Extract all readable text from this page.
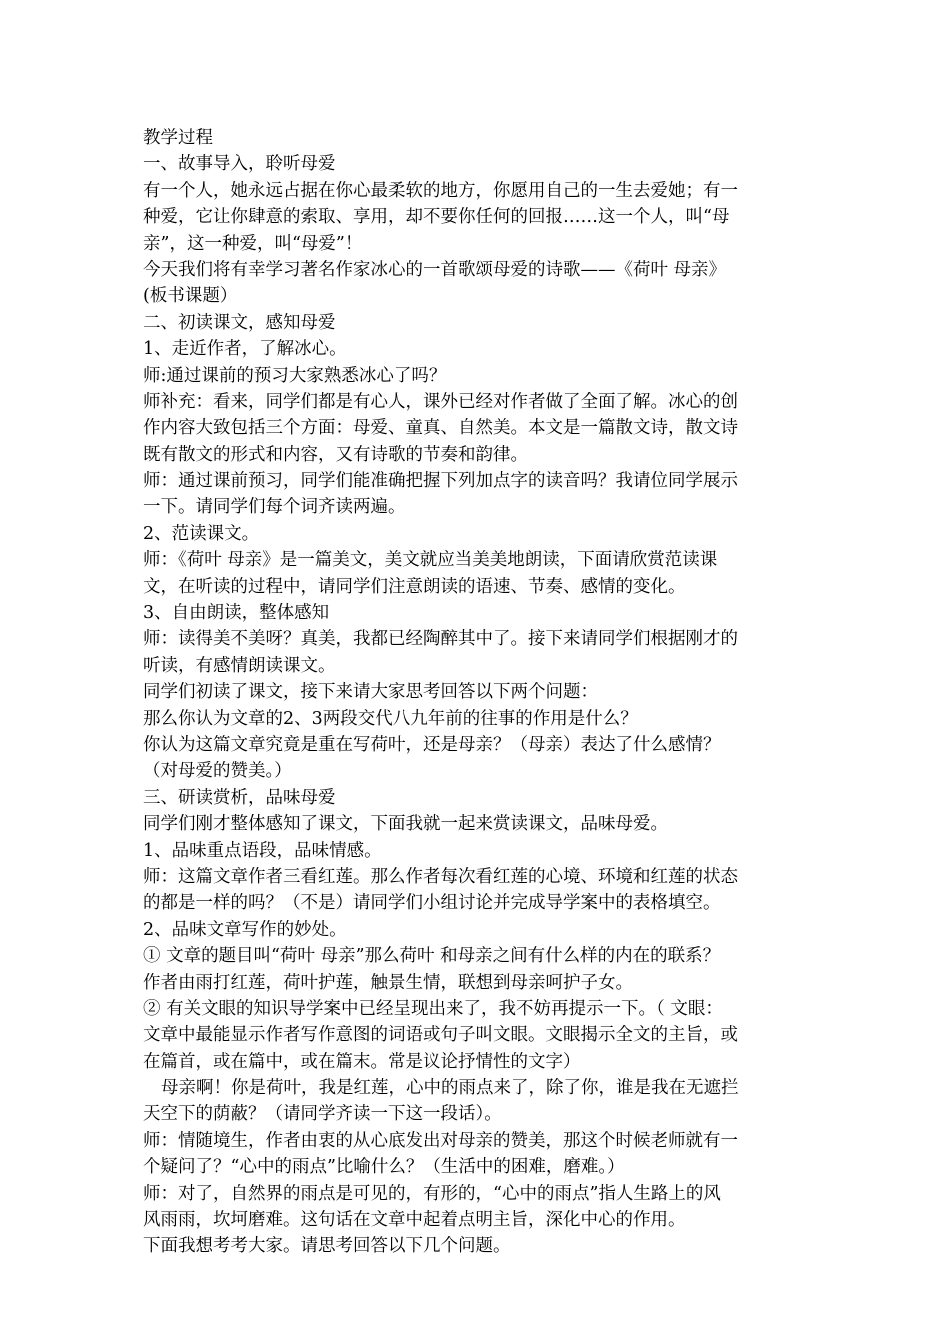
教学过程
一、故事导入，聆听母爱
有一个人，她永远占据在你心最柔软的地方，你愿用自己的一生去爱她；有一
种爱，它让你肆意的索取、享用，却不要你任何的回报……这一个人，叫“母
亲”，这一种爱，叫“母爱”！
今天我们将有幸学习著名作家冰心的一首歌颂母爱的诗歌——《荷叶 母亲》
(板书课题）
二、初读课文，感知母爱
1、走近作者，了解冰心。
师:通过课前的预习大家熟悉冰心了吗？
师补充：看来，同学们都是有心人，课外已经对作者做了全面了解。冰心的创
作内容大致包括三个方面：母爱、童真、自然美。本文是一篇散文诗，散文诗
既有散文的形式和内容，又有诗歌的节奏和韵律。
师：通过课前预习，同学们能准确把握下列加点字的读音吗？我请位同学展示
一下。请同学们每个词齐读两遍。
2、范读课文。
师：《荷叶 母亲》是一篇美文，美文就应当美美地朗读，下面请欣赏范读课
文，在听读的过程中，请同学们注意朗读的语速、节奏、感情的变化。
3、自由朗读，整体感知
师：读得美不美呀？真美，我都已经陶醉其中了。接下来请同学们根据刚才的
听读，有感情朗读课文。
同学们初读了课文，接下来请大家思考回答以下两个问题：
那么你认为文章的2、3两段交代八九年前的往事的作用是什么？
你认为这篇文章究竟是重在写荷叶，还是母亲？（母亲）表达了什么感情？
（对母爱的赞美。）
三、研读赏析，品味母爱
同学们刚才整体感知了课文，下面我就一起来赏读课文，品味母爱。
1、品味重点语段，品味情感。
师：这篇文章作者三看红莲。那么作者每次看红莲的心境、环境和红莲的状态
的都是一样的吗？（不是）请同学们小组讨论并完成导学案中的表格填空。
2、品味文章写作的妙处。
① 文章的题目叫“荷叶 母亲”那么荷叶 和母亲之间有什么样的内在的联系？
作者由雨打红莲，荷叶护莲，触景生情，联想到母亲呵护子女。
② 有关文眼的知识导学案中已经呈现出来了，我不妨再提示一下。（ 文眼：
文章中最能显示作者写作意图的词语或句子叫文眼。文眼揭示全文的主旨，或
在篇首，或在篇中，或在篇末。常是议论抒情性的文字）
母亲啊！你是荷叶，我是红莲，心中的雨点来了，除了你，谁是我在无遮拦
天空下的荫蔽？（请同学齐读一下这一段话）。
师：情随境生，作者由衷的从心底发出对母亲的赞美，那这个时候老师就有一
个疑问了？“心中的雨点”比喻什么？（生活中的困难，磨难。）
师：对了，自然界的雨点是可见的，有形的，“心中的雨点”指人生路上的风
风雨雨，坎坷磨难。这句话在文章中起着点明主旨，深化中心的作用。
下面我想考考大家。请思考回答以下几个问题。
